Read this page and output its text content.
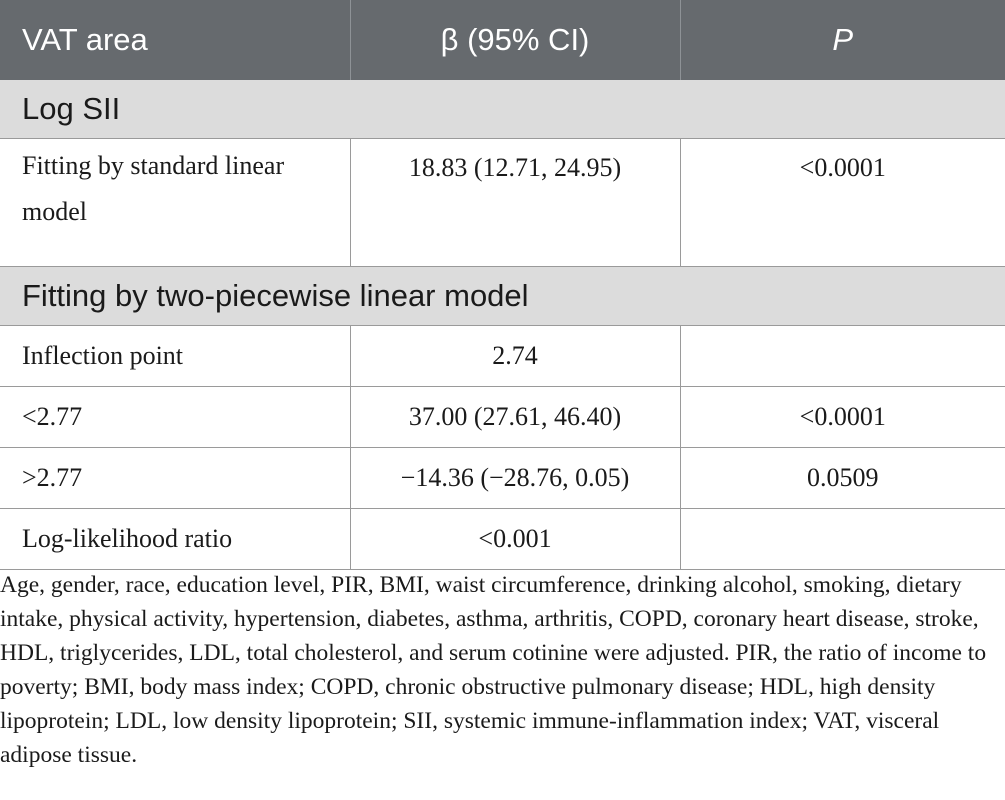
VAT area	β (95% CI)	P
Log SII		
Fitting by standard linear model	18.83 (12.71, 24.95)	<0.0001
Fitting by two-piecewise linear model		
Inflection point	2.74	
<2.77	37.00 (27.61, 46.40)	<0.0001
>2.77	−14.36 (−28.76, 0.05)	0.0509
Log-likelihood ratio	<0.001	

Age, gender, race, education level, PIR, BMI, waist circumference, drinking alcohol, smoking, dietary intake, physical activity, hypertension, diabetes, asthma, arthritis, COPD, coronary heart disease, stroke, HDL, triglycerides, LDL, total cholesterol, and serum cotinine were adjusted. PIR, the ratio of income to poverty; BMI, body mass index; COPD, chronic obstructive pulmonary disease; HDL, high density lipoprotein; LDL, low density lipoprotein; SII, systemic immune-inflammation index; VAT, visceral adipose tissue.
